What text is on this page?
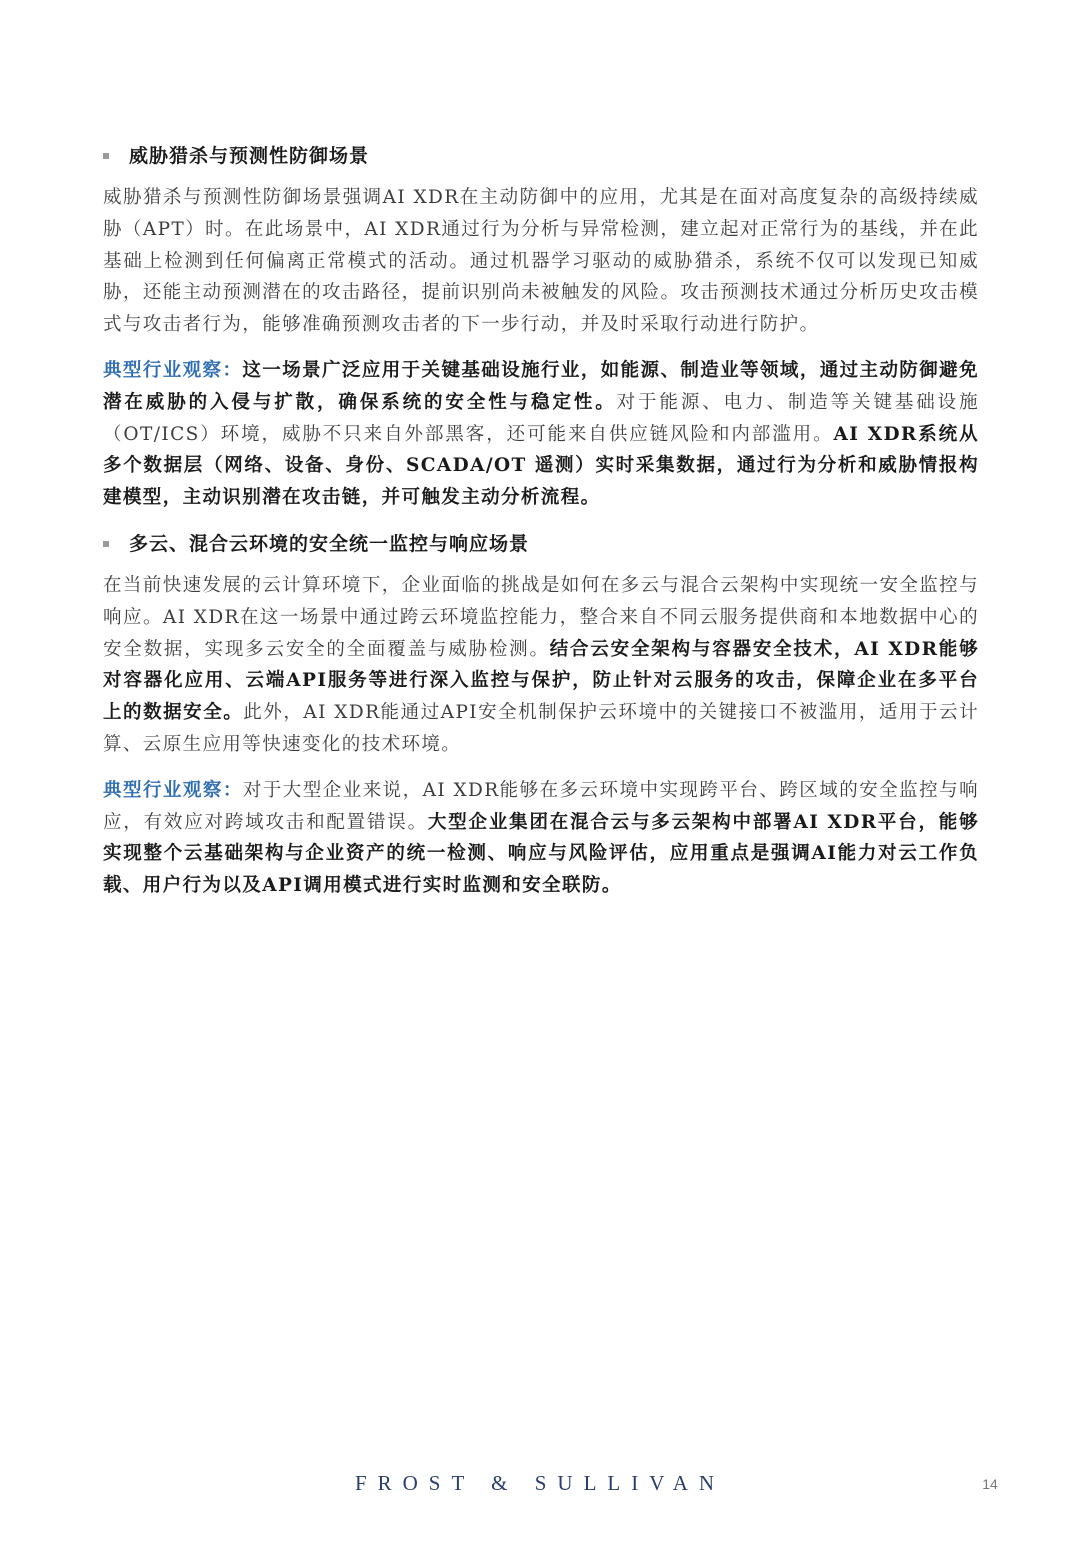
威胁猎杀与预测性防御场景

威胁猎杀与预测性防御场景强调AI XDR在主动防御中的应用，尤其是在面对高度复杂的高级持续威胁（APT）时。在此场景中，AI XDR通过行为分析与异常检测，建立起对正常行为的基线，并在此基础上检测到任何偏离正常模式的活动。通过机器学习驱动的威胁猎杀，系统不仅可以发现已知威胁，还能主动预测潜在的攻击路径，提前识别尚未被触发的风险。攻击预测技术通过分析历史攻击模式与攻击者行为，能够准确预测攻击者的下一步行动，并及时采取行动进行防护。

典型行业观察：这一场景广泛应用于关键基础设施行业，如能源、制造业等领域，通过主动防御避免潜在威胁的入侵与扩散，确保系统的安全性与稳定性。对于能源、电力、制造等关键基础设施（OT/ICS）环境，威胁不只来自外部黑客，还可能来自供应链风险和内部滥用。AI XDR系统从多个数据层（网络、设备、身份、SCADA/OT 遥测）实时采集数据，通过行为分析和威胁情报构建模型，主动识别潜在攻击链，并可触发主动分析流程。

多云、混合云环境的安全统一监控与响应场景

在当前快速发展的云计算环境下，企业面临的挑战是如何在多云与混合云架构中实现统一安全监控与响应。AI XDR在这一场景中通过跨云环境监控能力，整合来自不同云服务提供商和本地数据中心的安全数据，实现多云安全的全面覆盖与威胁检测。结合云安全架构与容器安全技术，AI XDR能够对容器化应用、云端API服务等进行深入监控与保护，防止针对云服务的攻击，保障企业在多平台上的数据安全。此外，AI XDR能通过API安全机制保护云环境中的关键接口不被滥用，适用于云计算、云原生应用等快速变化的技术环境。

典型行业观察：对于大型企业来说，AI XDR能够在多云环境中实现跨平台、跨区域的安全监控与响应，有效应对跨域攻击和配置错误。大型企业集团在混合云与多云架构中部署AI XDR平台，能够实现整个云基础架构与企业资产的统一检测、响应与风险评估，应用重点是强调AI能力对云工作负载、用户行为以及API调用模式进行实时监测和安全联防。

FROST & SULLIVAN	14
